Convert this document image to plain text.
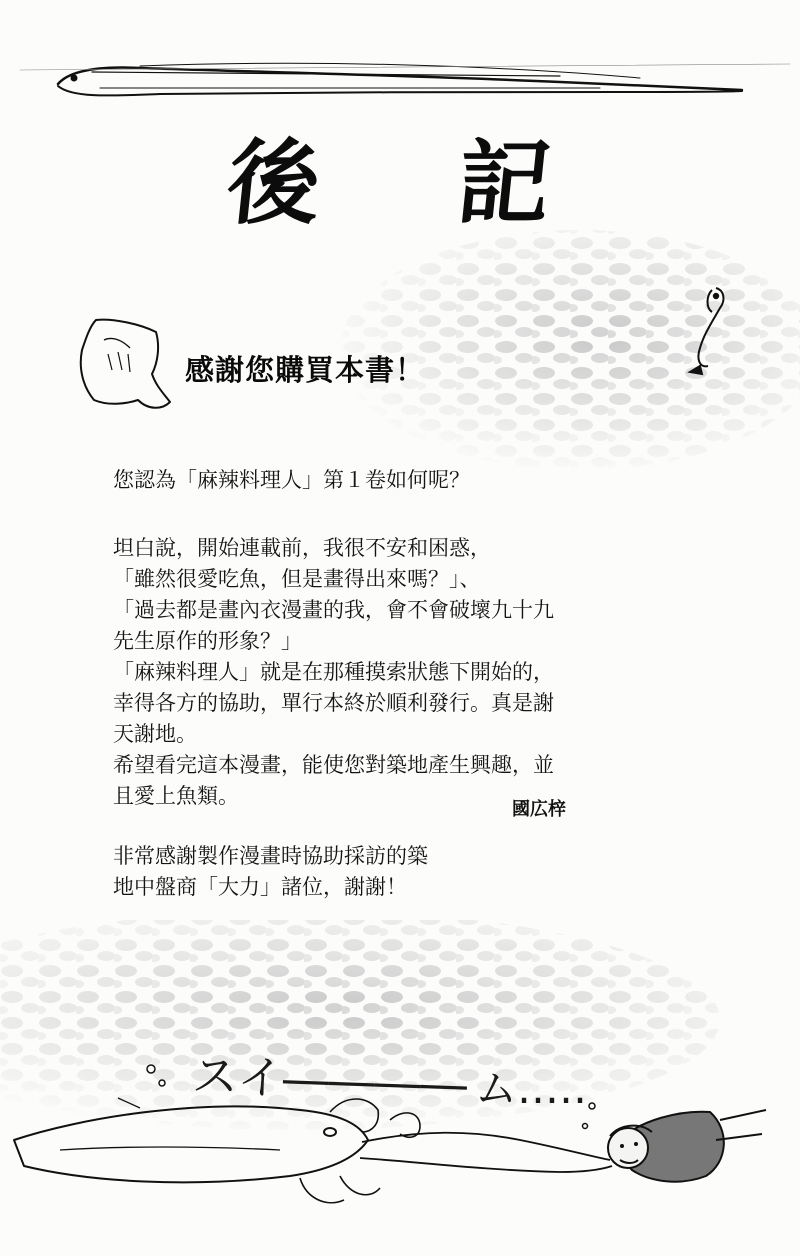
後 記
感謝您購買本書！
您認為「麻辣料理人」第１卷如何呢？
坦白說，開始連載前，我很不安和困惑，
「雖然很愛吃魚，但是畫得出來嗎？」、
「過去都是畫內衣漫畫的我，會不會破壞九十九
先生原作的形象？」
「麻辣料理人」就是在那種摸索狀態下開始的，
幸得各方的協助，單行本終於順利發行。真是謝
天謝地。
希望看完這本漫畫，能使您對築地產生興趣，並
且愛上魚類。
國広梓
非常感謝製作漫畫時協助採訪的築
地中盤商「大力」諸位，謝謝！
スイ―――― ム…‥
